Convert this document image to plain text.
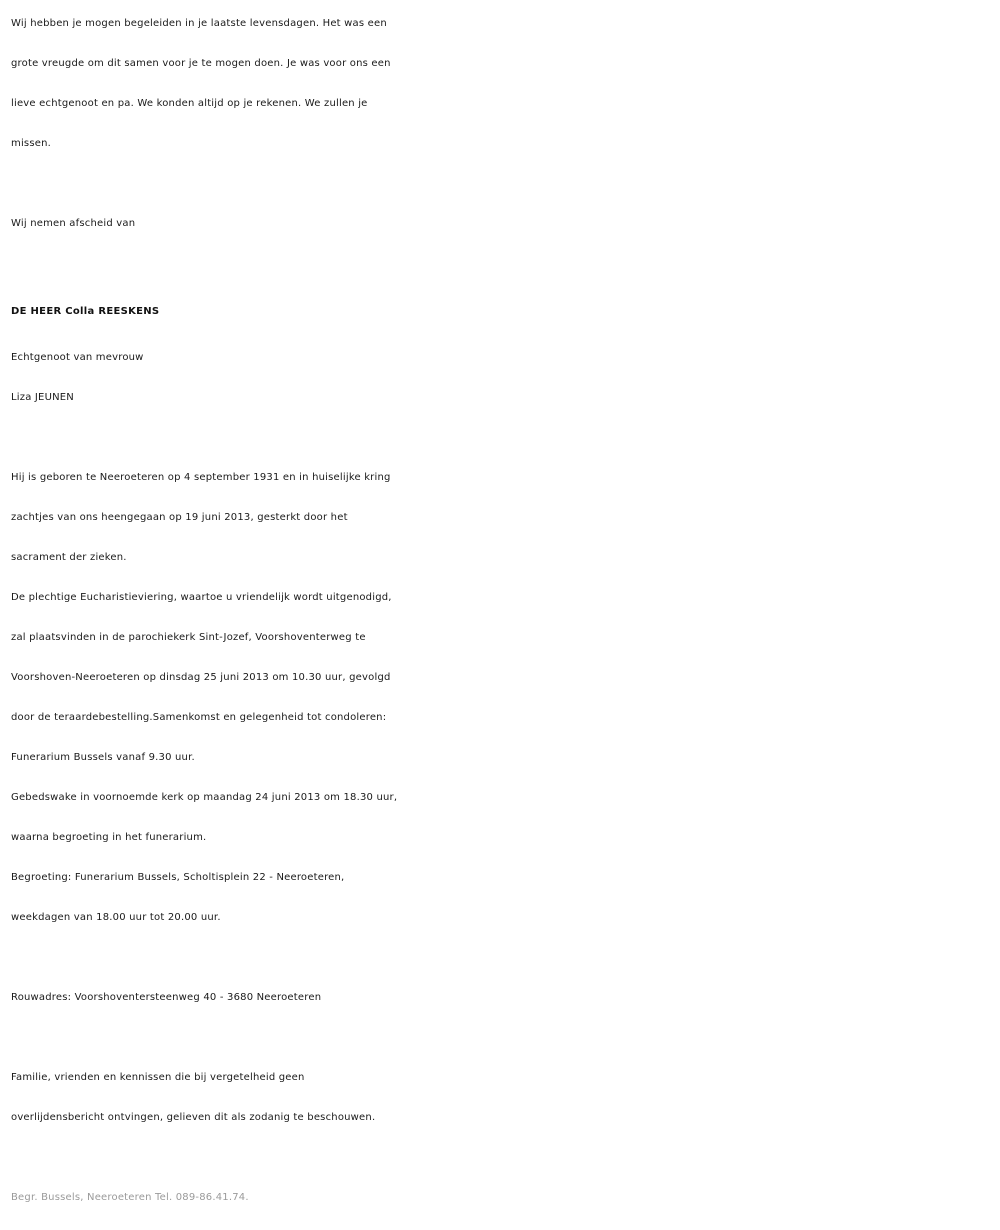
Wij hebben je mogen begeleiden in je laatste levensdagen. Het was een
grote vreugde om dit samen voor je te mogen doen. Je was voor ons een
lieve echtgenoot en pa. We konden altijd op je rekenen. We zullen je
missen.
Wij nemen afscheid van
DE HEER Colla REESKENS
Echtgenoot van mevrouw
Liza JEUNEN
Hij is geboren te Neeroeteren op 4 september 1931 en in huiselijke kring
zachtjes van ons heengegaan op 19 juni 2013, gesterkt door het
sacrament der zieken.
De plechtige Eucharistieviering, waartoe u vriendelijk wordt uitgenodigd,
zal plaatsvinden in de parochiekerk Sint-Jozef, Voorshoventerweg te
Voorshoven-Neeroeteren op dinsdag 25 juni 2013 om 10.30 uur, gevolgd
door de teraardebestelling.Samenkomst en gelegenheid tot condoleren:
Funerarium Bussels vanaf 9.30 uur.
Gebedswake in voornoemde kerk op maandag 24 juni 2013 om 18.30 uur,
waarna begroeting in het funerarium.
Begroeting: Funerarium Bussels, Scholtisplein 22 - Neeroeteren,
weekdagen van 18.00 uur tot 20.00 uur.
Rouwadres: Voorshoventersteenweg 40 - 3680 Neeroeteren
Familie, vrienden en kennissen die bij vergetelheid geen
overlijdensbericht ontvingen, gelieven dit als zodanig te beschouwen.
Begr. Bussels, Neeroeteren Tel. 089-86.41.74.
